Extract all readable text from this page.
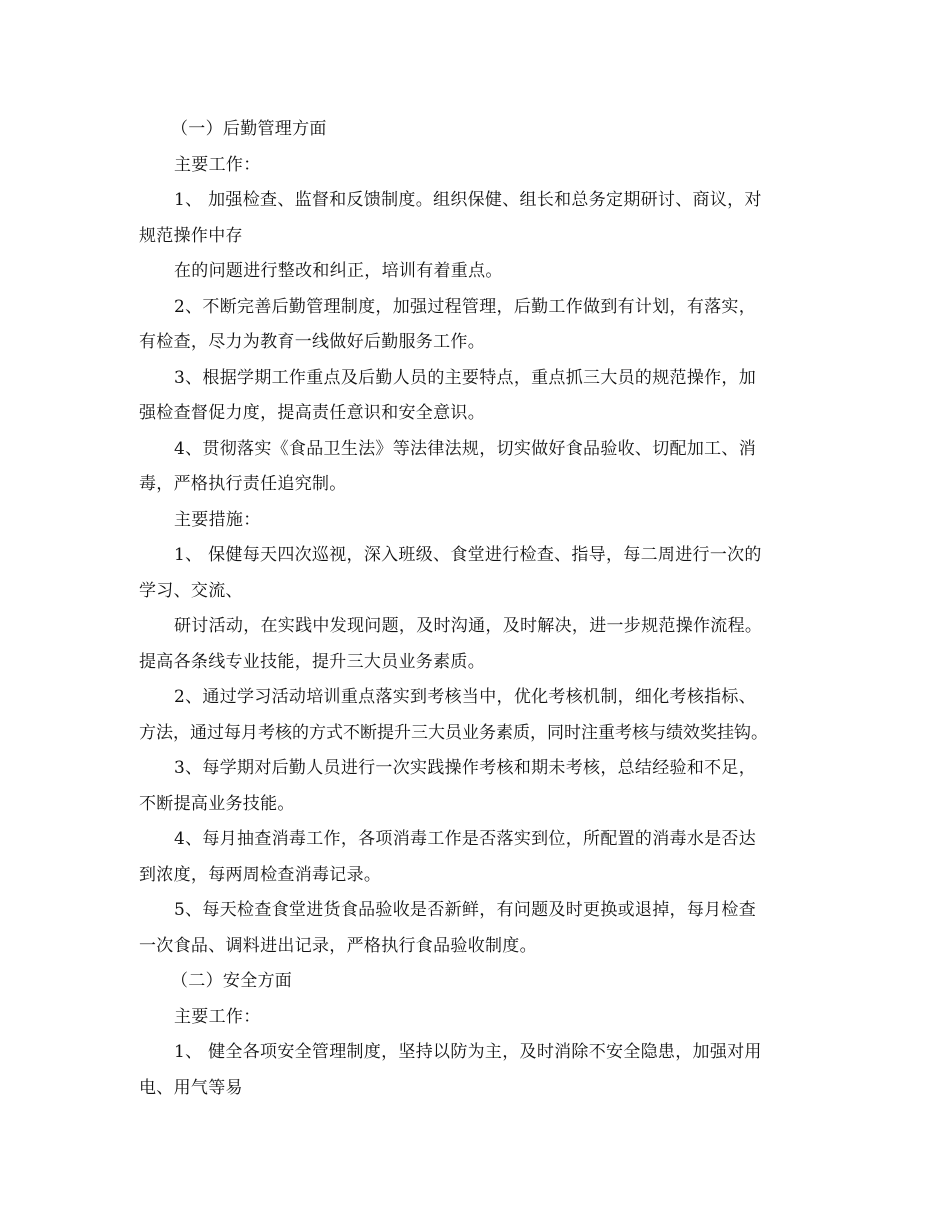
（一）后勤管理方面
主要工作：
1、 加强检查、监督和反馈制度。组织保健、组长和总务定期研讨、商议，对
规范操作中存
在的问题进行整改和纠正，培训有着重点。
2、不断完善后勤管理制度，加强过程管理，后勤工作做到有计划，有落实，
有检查，尽力为教育一线做好后勤服务工作。
3、根据学期工作重点及后勤人员的主要特点，重点抓三大员的规范操作，加
强检查督促力度，提高责任意识和安全意识。
4、贯彻落实《食品卫生法》等法律法规，切实做好食品验收、切配加工、消
毒，严格执行责任追究制。
主要措施：
1、 保健每天四次巡视，深入班级、食堂进行检查、指导，每二周进行一次的
学习、交流、
研讨活动，在实践中发现问题，及时沟通，及时解决，进一步规范操作流程。
提高各条线专业技能，提升三大员业务素质。
2、通过学习活动培训重点落实到考核当中，优化考核机制，细化考核指标、
方法，通过每月考核的方式不断提升三大员业务素质，同时注重考核与绩效奖挂钩。
3、每学期对后勤人员进行一次实践操作考核和期未考核，总结经验和不足，
不断提高业务技能。
4、每月抽查消毒工作，各项消毒工作是否落实到位，所配置的消毒水是否达
到浓度，每两周检查消毒记录。
5、每天检查食堂进货食品验收是否新鲜，有问题及时更换或退掉，每月检查
一次食品、调料进出记录，严格执行食品验收制度。
（二）安全方面
主要工作：
1、 健全各项安全管理制度，坚持以防为主，及时消除不安全隐患，加强对用
电、用气等易
